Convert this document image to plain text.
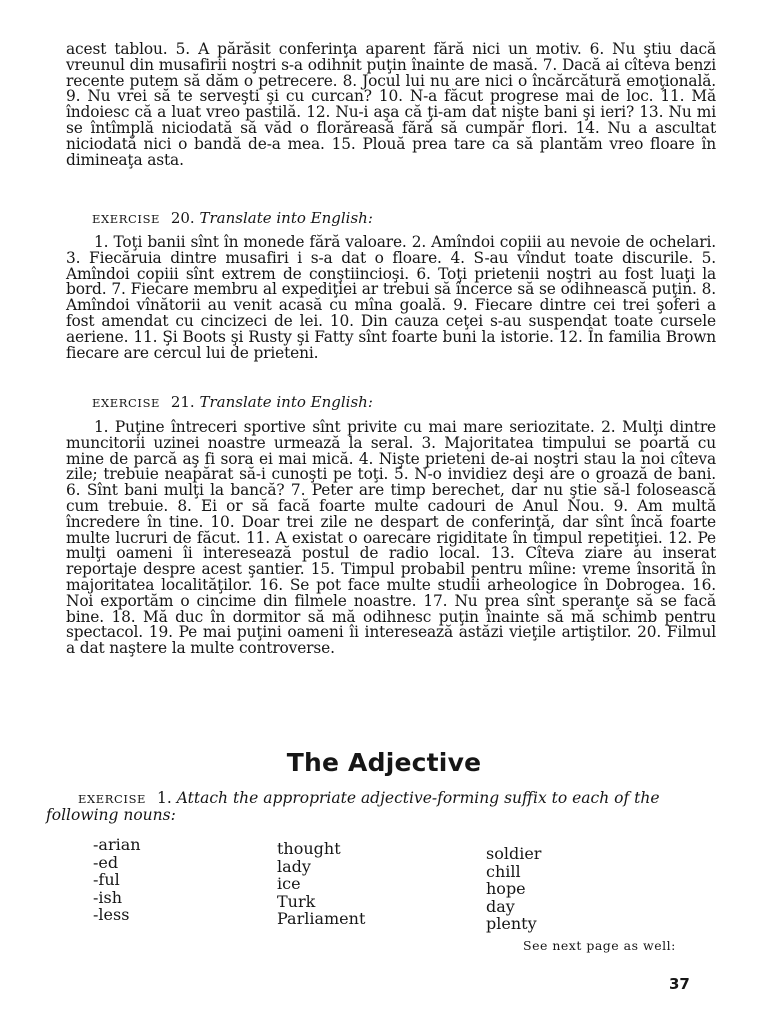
acest tablou. 5. A părăsit conferinţa aparent fără nici un motiv. 6. Nu ştiu dacă vreunul din musafirii noştri s-a odihnit puţin înainte de masă. 7. Dacă ai cîteva benzi recente putem să dăm o petrecere. 8. Jocul lui nu are nici o încărcătură emoţională. 9. Nu vrei să te serveşti şi cu curcan? 10. N-a făcut progrese mai de loc. 11. Mă îndoiesc că a luat vreo pastilă. 12. Nu-i aşa că ţi-am dat nişte bani şi ieri? 13. Nu mi se întîmplă niciodată să văd o florăreasă fără să cumpăr flori. 14. Nu a ascultat niciodată nici o bandă de-a mea. 15. Plouă prea tare ca să plantăm vreo floare în dimineaţa asta.

EXERCISE 20. Translate into English:

1. Toţi banii sînt în monede fără valoare. 2. Amîndoi copiii au nevoie de ochelari. 3. Fiecăruia dintre musafiri i s-a dat o floare. 4. S-au vîndut toate discurile. 5. Amîndoi copiii sînt extrem de conştiincioşi. 6. Toţi prietenii noştri au fost luaţi la bord. 7. Fiecare membru al expediţiei ar trebui să încerce să se odihnească puţin. 8. Amîndoi vînătorii au venit acasă cu mîna goală. 9. Fiecare dintre cei trei şoferi a fost amendat cu cincizeci de lei. 10. Din cauza ceţei s-au suspendat toate cursele aeriene. 11. Şi Boots şi Rusty şi Fatty sînt foarte buni la istorie. 12. În familia Brown fiecare are cercul lui de prieteni.

EXERCISE 21. Translate into English:

1. Puţine întreceri sportive sînt privite cu mai mare seriozitate. 2. Mulţi dintre muncitorii uzinei noastre urmează la seral. 3. Majoritatea timpului se poartă cu mine de parcă aş fi sora ei mai mică. 4. Nişte prieteni de-ai noştri stau la noi cîteva zile; trebuie neapărat să-i cunoşti pe toţi. 5. N-o invidiez deşi are o groază de bani. 6. Sînt bani mulţi la bancă? 7. Peter are timp berechet, dar nu ştie să-l folosească cum trebuie. 8. Ei or să facă foarte multe cadouri de Anul Nou. 9. Am multă încredere în tine. 10. Doar trei zile ne despart de conferinţă, dar sînt încă foarte multe lucruri de făcut. 11. A existat o oarecare rigiditate în timpul repetiţiei. 12. Pe mulţi oameni îi interesează postul de radio local. 13. Cîteva ziare au inserat reportaje despre acest şantier. 15. Timpul probabil pentru mîine: vreme însorită în majoritatea localităţilor. 16. Se pot face multe studii arheologice în Dobrogea. 16. Noi exportăm o cincime din filmele noastre. 17. Nu prea sînt speranţe să se facă bine. 18. Mă duc în dormitor să mă odihnesc puţin înainte să mă schimb pentru spectacol. 19. Pe mai puţini oameni îi interesează astăzi vieţile artiştilor. 20. Filmul a dat naştere la multe controverse.

The Adjective

EXERCISE 1. Attach the appropriate adjective-forming suffix to each of the following nouns:

-arian
-ed
-ful
-ish
-less
thought
lady
ice
Turk
Parliament
soldier
chill
hope
day
plenty

See next page as well:

37
